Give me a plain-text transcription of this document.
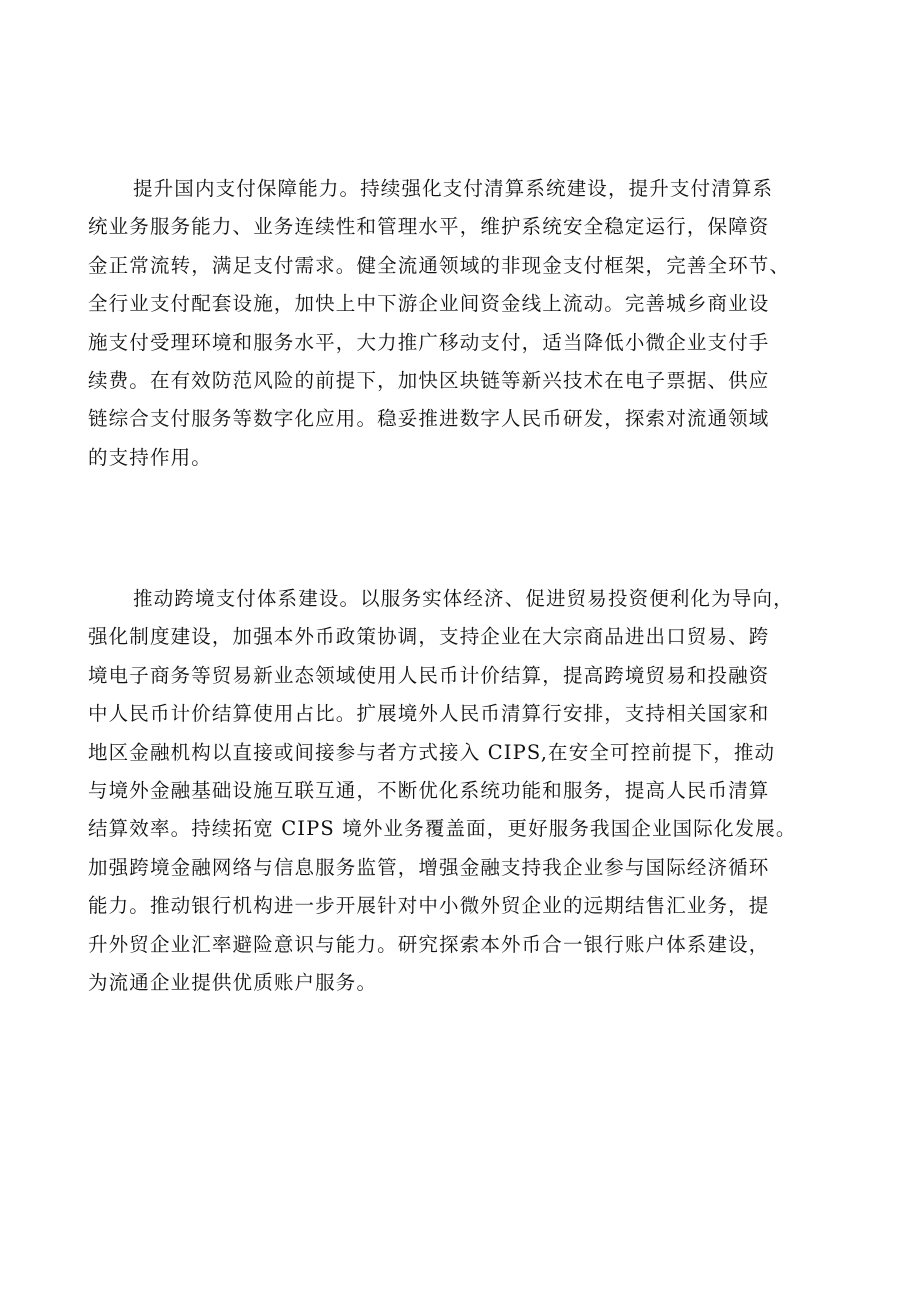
提升国内支付保障能力。持续强化支付清算系统建设，提升支付清算系
统业务服务能力、业务连续性和管理水平，维护系统安全稳定运行，保障资
金正常流转，满足支付需求。健全流通领域的非现金支付框架，完善全环节、
全行业支付配套设施，加快上中下游企业间资金线上流动。完善城乡商业设
施支付受理环境和服务水平，大力推广移动支付，适当降低小微企业支付手
续费。在有效防范风险的前提下，加快区块链等新兴技术在电子票据、供应
链综合支付服务等数字化应用。稳妥推进数字人民币研发，探索对流通领域
的支持作用。
推动跨境支付体系建设。以服务实体经济、促进贸易投资便利化为导向，
强化制度建设，加强本外币政策协调，支持企业在大宗商品进出口贸易、跨
境电子商务等贸易新业态领域使用人民币计价结算，提高跨境贸易和投融资
中人民币计价结算使用占比。扩展境外人民币清算行安排，支持相关国家和
地区金融机构以直接或间接参与者方式接入 CIPS,在安全可控前提下，推动
与境外金融基础设施互联互通，不断优化系统功能和服务，提高人民币清算
结算效率。持续拓宽 CIPS 境外业务覆盖面，更好服务我国企业国际化发展。
加强跨境金融网络与信息服务监管，增强金融支持我企业参与国际经济循环
能力。推动银行机构进一步开展针对中小微外贸企业的远期结售汇业务，提
升外贸企业汇率避险意识与能力。研究探索本外币合一银行账户体系建设，
为流通企业提供优质账户服务。
